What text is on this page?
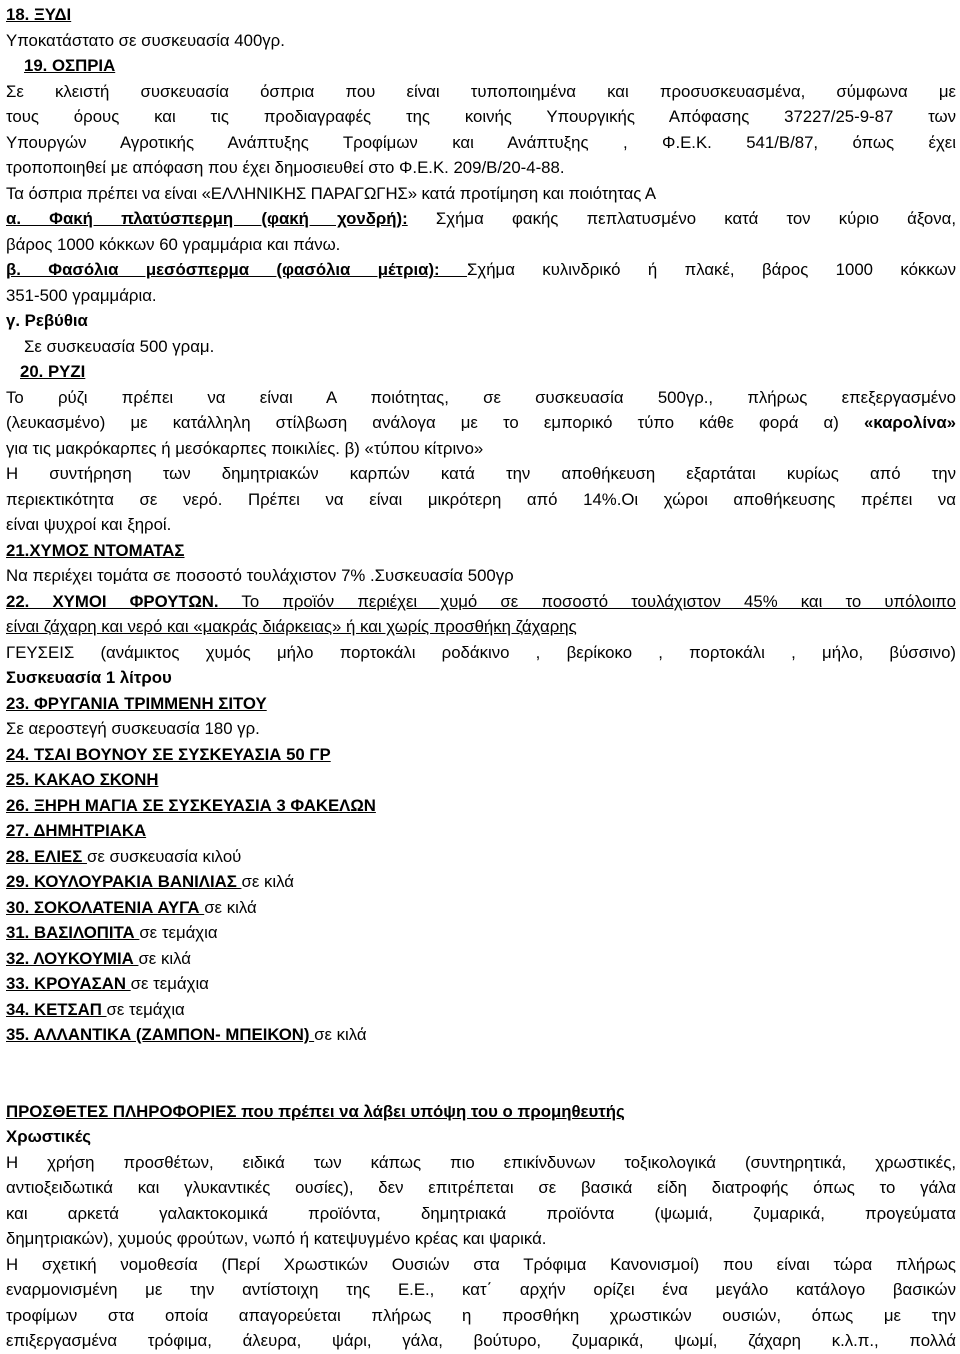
18. ΞΥΔΙ
Υποκατάστατο σε συσκευασία 400γρ.
19. ΟΣΠΡΙΑ
Σε κλειστή συσκευασία όσπρια που είναι τυποποιημένα και προσυσκευασμένα, σύμφωνα με
τους όρους και τις προδιαγραφές της κοινής Υπουργικής Απόφασης 37227/25-9-87 των
Υπουργών Αγροτικής Ανάπτυξης Τροφίμων και Ανάπτυξης , Φ.Ε.Κ. 541/Β/87, όπως έχει
τροποποιηθεί με απόφαση που έχει δημοσιευθεί στο Φ.Ε.Κ. 209/Β/20-4-88.
Τα όσπρια πρέπει να είναι «ΕΛΛΗΝΙΚΗΣ ΠΑΡΑΓΩΓΗΣ» κατά προτίμηση και ποιότητας Α
α. Φακή πλατύσπερμη (φακή χονδρή): Σχήμα φακής πεπλατυσμένο κατά τον κύριο άξονα,
βάρος 1000 κόκκων 60 γραμμάρια και πάνω.
β. Φασόλια μεσόσπερμα (φασόλια μέτρια): Σχήμα κυλινδρικό ή πλακέ, βάρος 1000 κόκκων
351-500 γραμμάρια.
γ. Ρεβύθια
Σε συσκευασία 500 γραμ.
20. ΡΥΖΙ
Το ρύζι πρέπει να είναι Α ποιότητας, σε συσκευασία 500γρ., πλήρως επεξεργασμένο
(λευκασμένο) με κατάλληλη στίλβωση ανάλογα με το εμπορικό τύπο κάθε φορά α) «καρολίνα»
για τις μακρόκαρπες ή μεσόκαρπες ποικιλίες. β) «τύπου κίτρινο»
Η συντήρηση των δημητριακών καρπών κατά την αποθήκευση εξαρτάται κυρίως από την
περιεκτικότητα σε νερό. Πρέπει να είναι μικρότερη από 14%.Οι χώροι αποθήκευσης πρέπει να
είναι ψυχροί και ξηροί.
21.ΧΥΜΟΣ ΝΤΟΜΑΤΑΣ
Να περιέχει τομάτα σε ποσοστό τουλάχιστον 7% .Συσκευασία 500γρ
22. ΧΥΜΟΙ ΦΡΟΥΤΩΝ. Το προϊόν περιέχει χυμό σε ποσοστό τουλάχιστον 45% και το υπόλοιπο
είναι ζάχαρη και νερό και «μακράς διάρκειας» ή και χωρίς προσθήκη ζάχαρης
ΓΕΥΣΕΙΣ (ανάμικτος χυμός μήλο πορτοκάλι ροδάκινο , βερίκοκο , πορτοκάλι , μήλο, βύσσινο)
Συσκευασία 1 λίτρου
23. ΦΡΥΓΑΝΙΑ ΤΡΙΜΜΕΝΗ ΣΙΤΟΥ
Σε αεροστεγή συσκευασία 180 γρ.
24. ΤΣΑΙ ΒΟΥΝΟΥ ΣΕ ΣΥΣΚΕΥΑΣΙΑ 50 ΓΡ
25. ΚΑΚΑΟ ΣΚΟΝΗ
26. ΞΗΡΗ ΜΑΓΙΑ ΣΕ ΣΥΣΚΕΥΑΣΙΑ 3 ΦΑΚΕΛΩΝ
27. ΔΗΜΗΤΡΙΑΚΑ
28. ΕΛΙΕΣ σε συσκευασία κιλού
29. ΚΟΥΛΟΥΡΑΚΙΑ ΒΑΝΙΛΙΑΣ σε κιλά
30. ΣΟΚΟΛΑΤΕΝΙΑ ΑΥΓΑ σε κιλά
31. ΒΑΣΙΛΟΠΙΤΑ σε τεμάχια
32. ΛΟΥΚΟΥΜΙΑ σε κιλά
33. ΚΡΟΥΑΣΑΝ σε τεμάχια
34. ΚΕΤΣΑΠ σε τεμάχια
35. ΑΛΛΑΝΤΙΚΑ (ΖΑΜΠΟΝ- ΜΠΕΙΚΟΝ) σε κιλά
ΠΡΟΣΘΕΤΕΣ ΠΛΗΡΟΦΟΡΙΕΣ που πρέπει να λάβει υπόψη του ο προμηθευτής
Χρωστικές
Η χρήση προσθέτων, ειδικά των κάπως πιο επικίνδυνων τοξικολογικά (συντηρητικά, χρωστικές,
αντιοξειδωτικά και γλυκαντικές ουσίες), δεν επιτρέπεται σε βασικά είδη διατροφής όπως το γάλα
και αρκετά γαλακτοκομικά προϊόντα, δημητριακά προϊόντα (ψωμιά, ζυμαρικά, προγεύματα
δημητριακών), χυμούς φρούτων, νωπό ή κατεψυγμένο κρέας και ψαρικά.
Η σχετική νομοθεσία (Περί Χρωστικών Ουσιών στα Τρόφιμα Κανονισμοί) που είναι τώρα πλήρως
εναρμονισμένη με την αντίστοιχη της Ε.Ε., κατ΄ αρχήν ορίζει ένα μεγάλο κατάλογο βασικών
τροφίμων στα οποία απαγορεύεται πλήρως η προσθήκη χρωστικών ουσιών, όπως με την
επιξεργασμένα τρόφιμα, άλευρα, ψάρι, γάλα, βούτυρο, ζυμαρικά, ψωμί, ζάχαρη κ.λ.π., πολλά
